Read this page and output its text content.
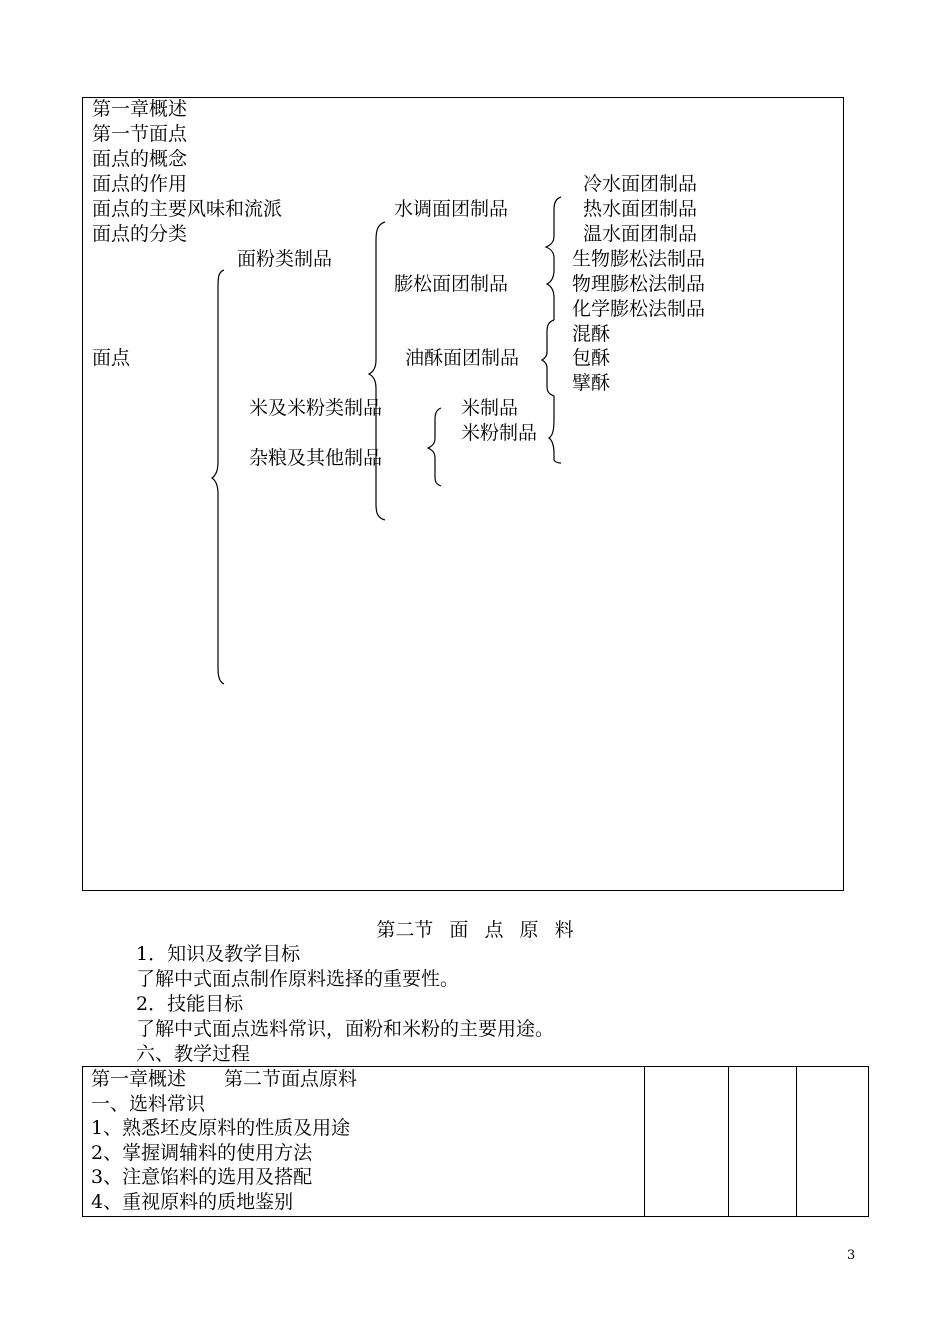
第一章概述
第一节面点
面点的概念
面点的作用
面点的主要风味和流派
面点的分类
面点
面粉类制品
米及米粉类制品
杂粮及其他制品
水调面团制品
膨松面团制品
油酥面团制品
米制品
米粉制品
冷水面团制品
热水面团制品
温水面团制品
生物膨松法制品
物理膨松法制品
化学膨松法制品
混酥
包酥
擘酥
第二节 面 点 原 料
1．知识及教学目标
了解中式面点制作原料选择的重要性。
2．技能目标
了解中式面点选料常识，面粉和米粉的主要用途。
六、教学过程
第一章概述 第二节面点原料
一、选料常识
1、熟悉坯皮原料的性质及用途
2、掌握调辅料的使用方法
3、注意馅料的选用及搭配
4、重视原料的质地鉴别

3
